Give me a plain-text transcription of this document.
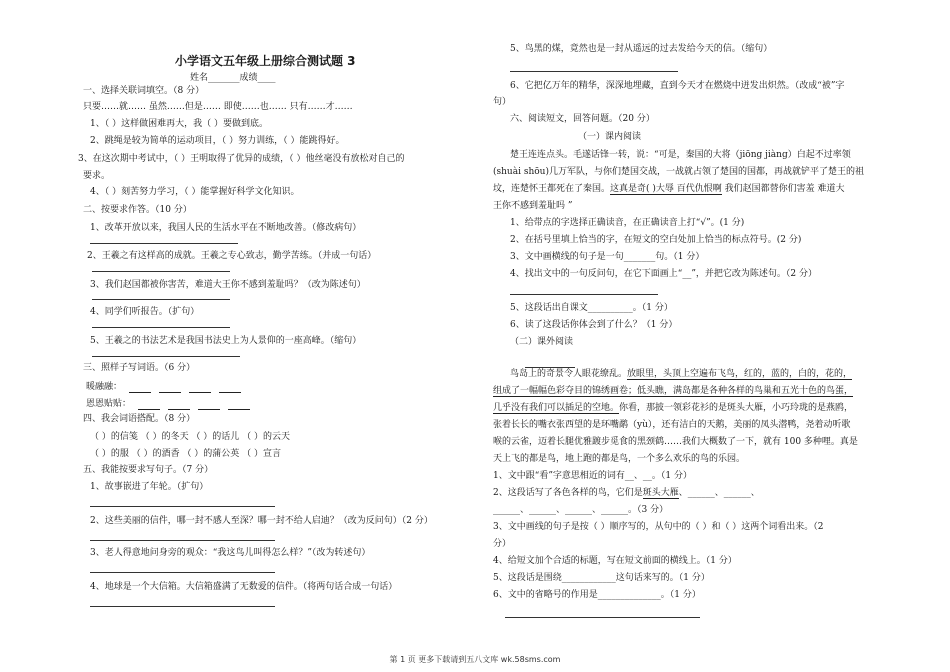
小学语文五年级上册综合测试题 3
姓名_______成绩____
一、选择关联词填空。（8 分）
只要……就…… 虽然……但是…… 即使……也…… 只有……才……
1、（ ）这样做困难再大，我（ ）要做到底。
2、跳绳是较为简单的运动项目，（ ）努力训练，（ ）能跳得好。
3、在这次期中考试中，（ ）王明取得了优异的成绩，（ ）他丝毫没有放松对自己的
要求。
4、（ ）刻苦努力学习，（ ）能掌握好科学文化知识。
二、按要求作答。（10 分）
1、改革开放以来，我国人民的生活水平在不断地改善。（修改病句）
2、王羲之有这样高的成就。王羲之专心致志，勤学苦练。（并成一句话）
3、我们赵国都被你害苦，难道大王你不感到羞耻吗？（改为陈述句）
4、同学们听报告。（扩句）
5、王羲之的书法艺术是我国书法史上为人景仰的一座高峰。（缩句）
三、照样子写词语。（6 分）
暖融融：
恩恩贴贴：
四、我会词语搭配。（8 分）
（ ）的信笺 （ ）的冬天 （ ）的话儿 （ ）的云天
（ ）的服 （ ）的酒香 （ ）的蒲公英 （ ）宣言
五、我能按要求写句子。（7 分）
1、故事嵌进了年轮。（扩句）
2、这些美丽的信件，哪一封不感人至深？哪一封不给人启迪？（改为反问句）（2 分）
3、老人得意地问身旁的观众：“我这鸟儿叫得怎么样？”（改为转述句）
4、地球是一个大信箱。大信箱盛满了无数爱的信件。（将两句话合成一句话）
5、鸟黑的煤，竟然也是一封从遥远的过去发给今天的信。（缩句）
6、它把亿万年的精华，深深地埋藏，直到今天才在燃烧中迸发出炽然。（改成“被”字
句）
六、阅读短文，回答问题。（20 分）
（一）课内阅读
楚王连连点头。毛遂话锋一转，说：“可是，秦国的大将（jiōng jiàng）白起不过率领
(shuài shōu)几万军队，与你们楚国交战，一战就占领了楚国的国都，再战就铲平了楚王的祖
坟，连楚怀王都死在了秦国。这真是奇( )大辱 百代仇恨啊 我们赵国都替你们害羞 难道大
王你不感到羞耻吗 ”
1、给带点的字选择正确读音，在正确读音上打“√”。(1 分)
2、在括号里填上恰当的字，在短文的空白处加上恰当的标点符号。(2 分)
3、文中画横线的句子是一句_______句。（1 分）
4、找出文中的一句反问句，在它下面画上“__”，并把它改为陈述句。（2 分）
5、这段话出自课文__________。（1 分）
6、读了这段话你体会到了什么？（1 分）
（二）课外阅读
鸟岛上的奇景令人眼花缭乱。放眼里，头顶上空遍布飞鸟，红的，蓝的，白的，花的，
组成了一幅幅色彩夺目的锦绣画卷；低头瞧，满岛都是各种各样的鸟巢和五光十色的鸟蛋，
几乎没有我们可以插足的空地。你看，那披一领彩花衫的是斑头大雁，小巧玲珑的是燕鸥，
张着长长的嘴衣张西望的是环嘴鹬（yù），还有洁白的天鹅，美丽的凤头潜鸭，尧着动听歌
喉的云雀，迈着长腿优雅踱步觅食的黑颈鹤……我们大概数了一下，就有 100 多种哩。真是
天上飞的都是鸟，地上跑的都是鸟，一个多么欢乐的鸟的乐园。
1、文中跟“看”字意思相近的词有__、__。（1 分）
2、这段话写了各色各样的鸟，它们是斑头大雁、______、______、
______、______、______、______。（3 分）
3、文中画线的句子是按（ ）顺序写的，从句中的（ ）和（ ）这两个词看出来。（2
分）
4、给短文加个合适的标题，写在短文前面的横线上。（1 分）
5、这段话是围绕____________这句话来写的。（1 分）
6、文中的省略号的作用是______________。（1 分）
第 1 页 更多下载请到五八文库 wk.58sms.com
